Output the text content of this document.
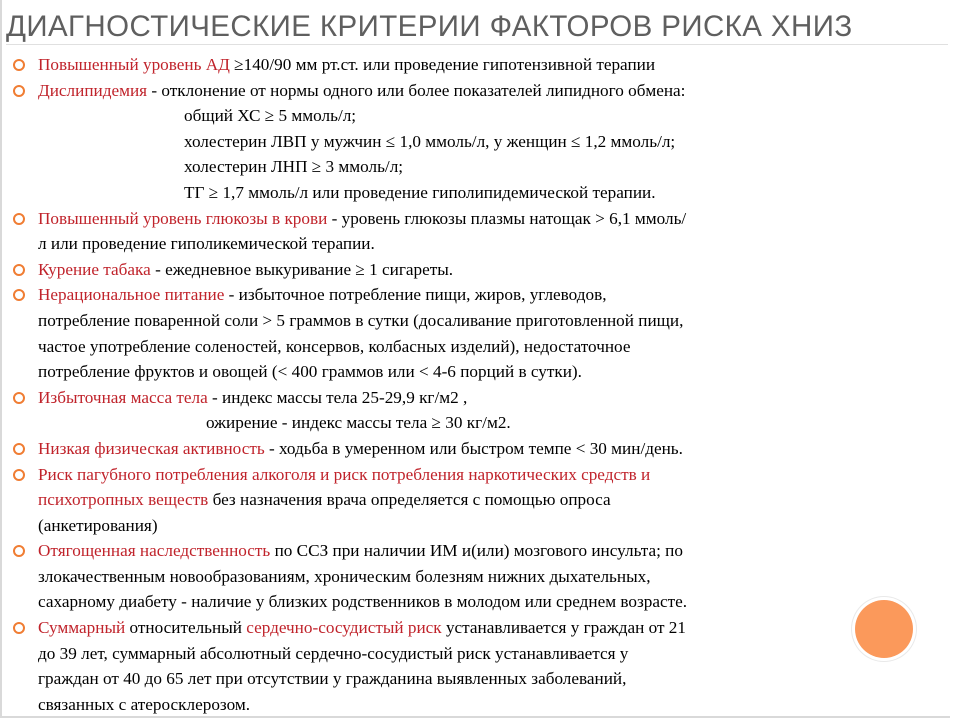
ДИАГНОСТИЧЕСКИЕ КРИТЕРИИ ФАКТОРОВ РИСКА ХНИЗ
Повышенный уровень АД ≥140/90 мм рт.ст. или проведение гипотензивной терапии
Дислипидемия - отклонение от нормы одного или более показателей липидного обмена:
общий ХС ≥ 5 ммоль/л;
холестерин ЛВП у мужчин ≤ 1,0 ммоль/л, у женщин ≤ 1,2 ммоль/л;
холестерин ЛНП ≥ 3 ммоль/л;
ТГ ≥ 1,7 ммоль/л или проведение гиполипидемической терапии.
Повышенный уровень глюкозы в крови - уровень глюкозы плазмы натощак > 6,1 ммоль/
л или проведение гиполикемической терапии.
Курение табака - ежедневное выкуривание ≥ 1 сигареты.
Нерациональное питание - избыточное потребление пищи, жиров, углеводов,
потребление поваренной соли > 5 граммов в сутки (досаливание приготовленной пищи,
частое употребление соленостей, консервов, колбасных изделий), недостаточное
потребление фруктов и овощей (< 400 граммов или < 4-6 порций в сутки).
Избыточная масса тела - индекс массы тела 25-29,9 кг/м2 ,
ожирение - индекс массы тела ≥ 30 кг/м2.
Низкая физическая активность - ходьба в умеренном или быстром темпе < 30 мин/день.
Риск пагубного потребления алкоголя и риск потребления наркотических средств и
психотропных веществ без назначения врача определяется с помощью опроса
(анкетирования)
Отягощенная наследственность по ССЗ при наличии ИМ и(или) мозгового инсульта; по
злокачественным новообразованиям, хроническим болезням нижних дыхательных,
сахарному диабету - наличие у близких родственников в молодом или среднем возрасте.
Суммарный относительный сердечно-сосудистый риск устанавливается у граждан от 21
до 39 лет, суммарный абсолютный сердечно-сосудистый риск устанавливается у
граждан от 40 до 65 лет при отсутствии у гражданина выявленных заболеваний,
связанных с атеросклерозом.
